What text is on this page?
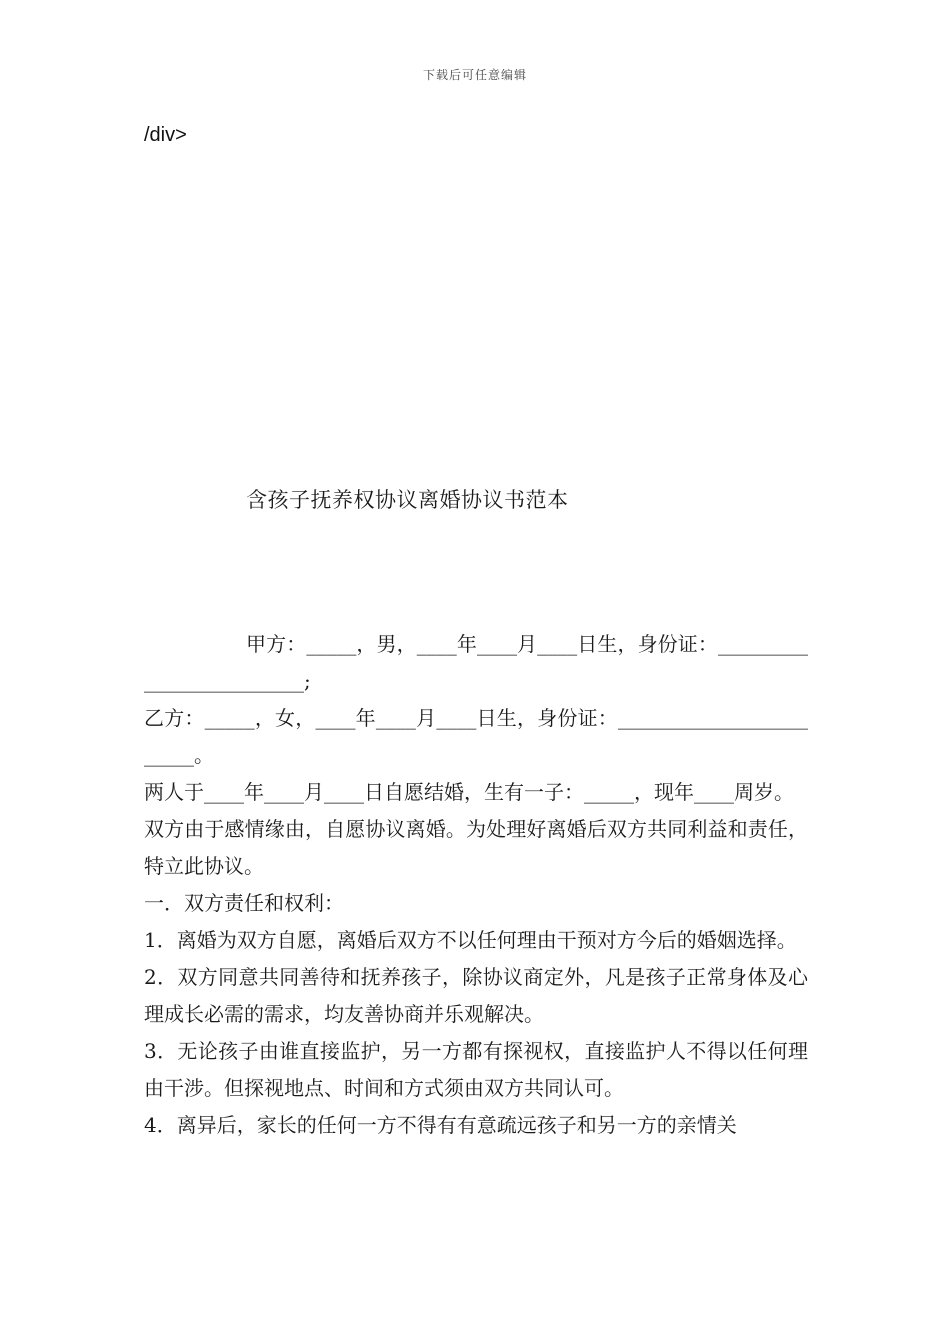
下载后可任意编辑
/div>
含孩子抚养权协议离婚协议书范本

甲方：_____，男，____年____月____日生，身份证：_________________________;

乙方：_____，女，____年____月____日生，身份证：________________________。

两人于____年____月____日自愿结婚，生有一子：_____，现年____周岁。

双方由于感情缘由，自愿协议离婚。为处理好离婚后双方共同利益和责任，特立此协议。

一．双方责任和权利：

1．离婚为双方自愿，离婚后双方不以任何理由干预对方今后的婚姻选择。

2．双方同意共同善待和抚养孩子，除协议商定外，凡是孩子正常身体及心理成长必需的需求，均友善协商并乐观解决。

3．无论孩子由谁直接监护，另一方都有探视权，直接监护人不得以任何理由干涉。但探视地点、时间和方式须由双方共同认可。

4．离异后，家长的任何一方不得有有意疏远孩子和另一方的亲情关
